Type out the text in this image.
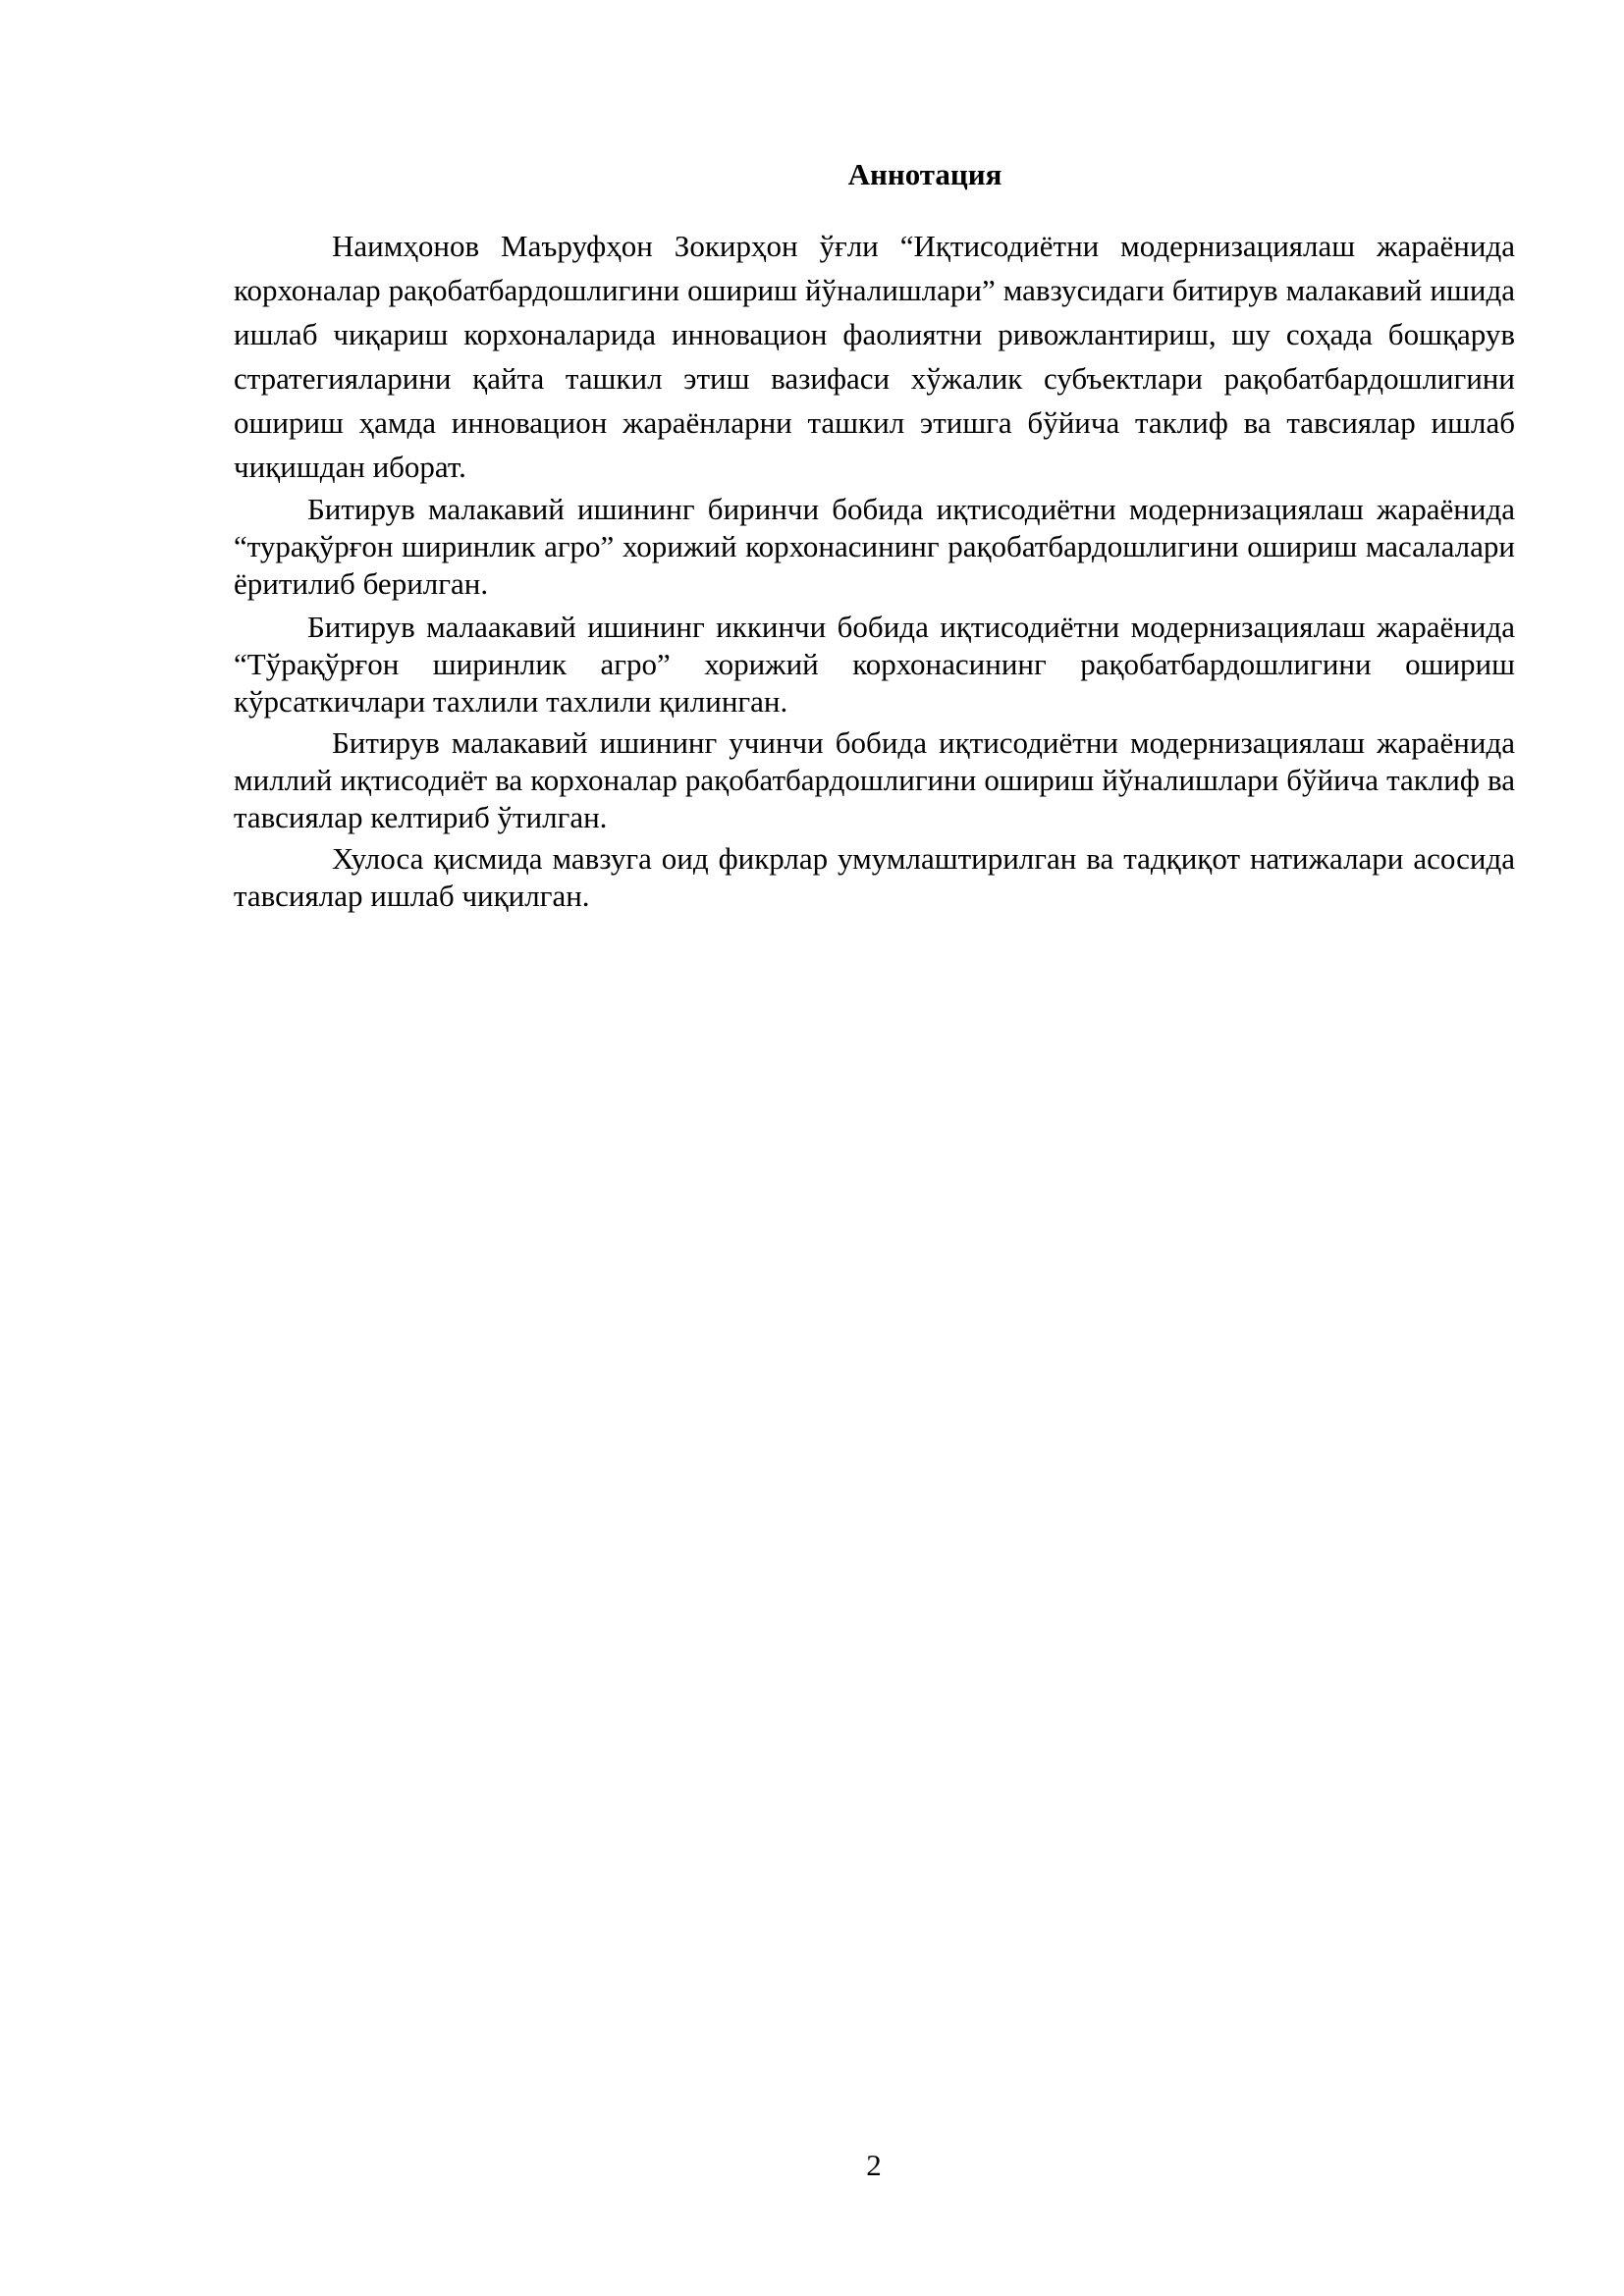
Аннотация

Наимҳонов Маъруфҳон Зокирҳон ўғли “Иқтисодиётни модернизациялаш жараёнида корхоналар рақобатбардошлигини ошириш йўналишлари” мавзусидаги битирув малакавий ишида ишлаб чиқариш корхоналарида инновацион фаолиятни ривожлантириш, шу соҳада бошқарув стратегияларини қайта ташкил этиш вазифаси хўжалик субъектлари рақобатбардошлигини ошириш ҳамда инновацион жараёнларни ташкил этишга бўйича таклиф ва тавсиялар ишлаб чиқишдан иборат.

Битирув малакавий ишининг биринчи бобида иқтисодиётни модернизациялаш жараёнида “турақўрғон ширинлик агро” хорижий корхонасининг рақобатбардошлигини ошириш масалалари ёритилиб берилган.

Битирув малаакавий ишининг иккинчи бобида иқтисодиётни модернизациялаш жараёнида “Тўрақўрғон ширинлик агро” хорижий корхонасининг рақобатбардошлигини ошириш кўрсаткичлари тахлили тахлили қилинган.

Битирув малакавий ишининг учинчи бобида иқтисодиётни модернизациялаш жараёнида миллий иқтисодиёт ва корхоналар рақобатбардошлигини ошириш йўналишлари бўйича таклиф ва тавсиялар келтириб ўтилган.

Хулоса қисмида мавзуга оид фикрлар умумлаштирилган ва тадқиқот натижалари асосида тавсиялар ишлаб чиқилган.

2
